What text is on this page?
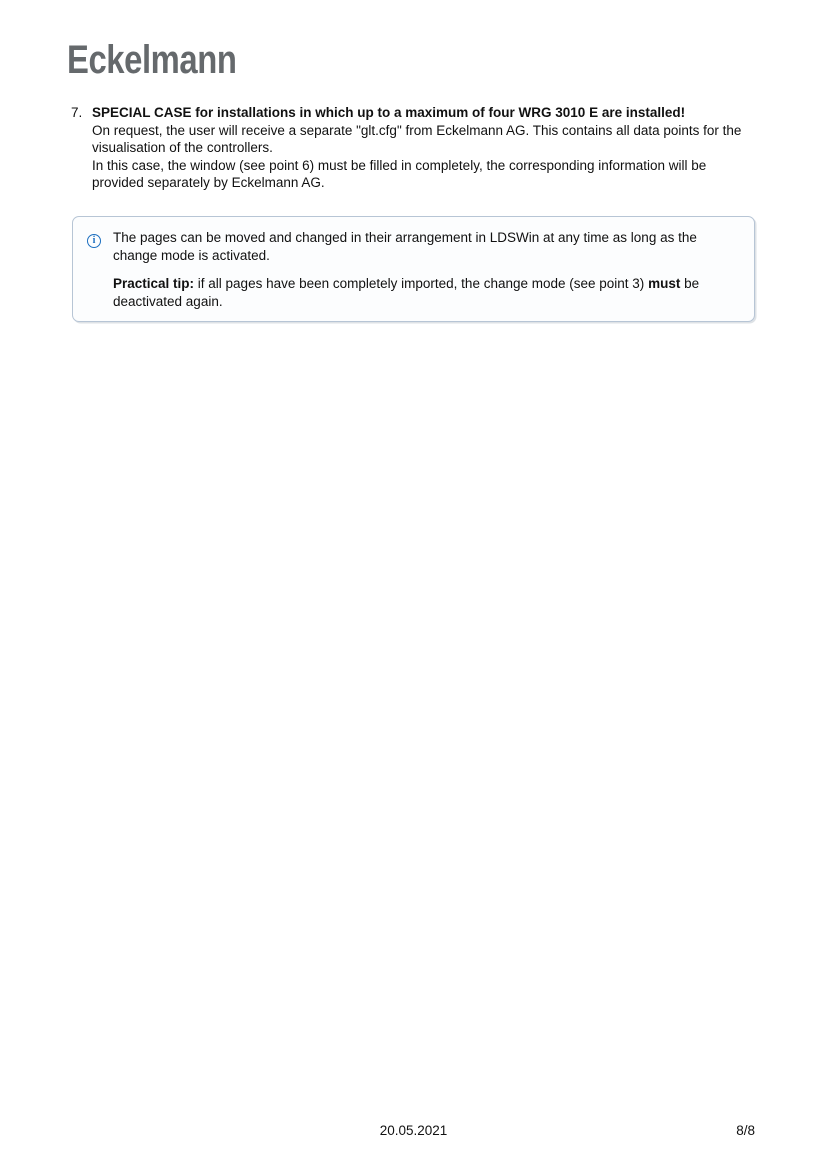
Eckelmann
7. SPECIAL CASE for installations in which up to a maximum of four WRG 3010 E are installed!
On request, the user will receive a separate "glt.cfg" from Eckelmann AG. This contains all data points for the visualisation of the controllers.
In this case, the window (see point 6) must be filled in completely, the corresponding information will be provided separately by Eckelmann AG.
i	The pages can be moved and changed in their arrangement in LDSWin at any time as long as the change mode is activated.
Practical tip: if all pages have been completely imported, the change mode (see point 3) must be deactivated again.
20.05.2021	8/8
